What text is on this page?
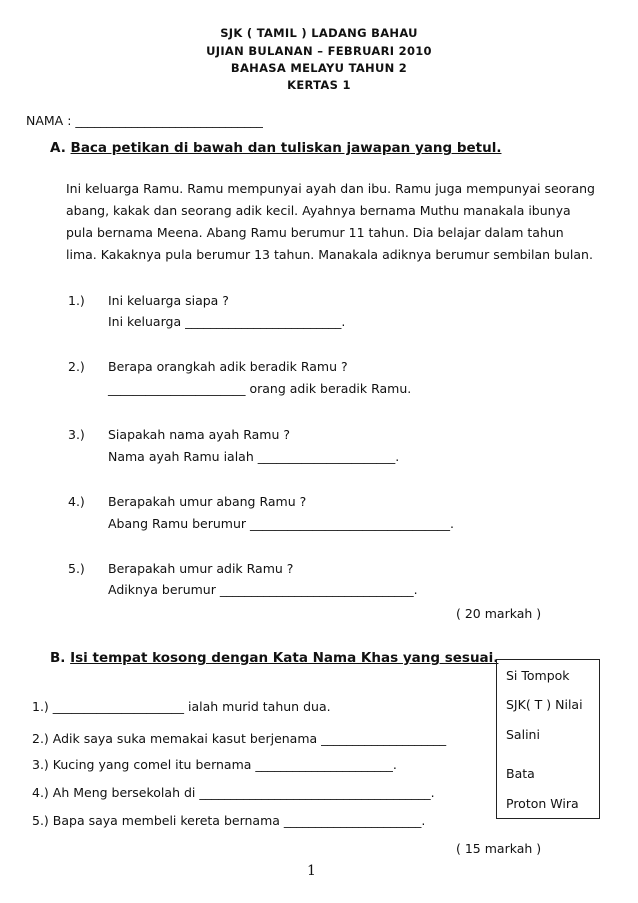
SJK ( TAMIL ) LADANG BAHAU
UJIAN BULANAN – FEBRUARI 2010
BAHASA MELAYU TAHUN 2
KERTAS 1
NAMA : ______________________________
A. Baca petikan di bawah dan tuliskan jawapan yang betul.
Ini keluarga Ramu. Ramu mempunyai ayah dan ibu. Ramu juga mempunyai seorang
abang, kakak dan seorang adik kecil. Ayahnya bernama Muthu manakala ibunya
pula bernama Meena. Abang Ramu berumur 11 tahun. Dia belajar dalam tahun
lima. Kakaknya pula berumur 13 tahun. Manakala adiknya berumur sembilan bulan.
1.) Ini keluarga siapa ?
Ini keluarga _________________________.
2.) Berapa orangkah adik beradik Ramu ?
______________________ orang adik beradik Ramu.
3.) Siapakah nama ayah Ramu ?
Nama ayah Ramu ialah ______________________.
4.) Berapakah umur abang Ramu ?
Abang Ramu berumur ________________________________.
5.) Berapakah umur adik Ramu ?
Adiknya berumur _______________________________.
( 20 markah )
B. Isi tempat kosong dengan Kata Nama Khas yang sesuai.
1.) _____________________ ialah murid tahun dua.
2.) Adik saya suka memakai kasut berjenama ____________________
3.) Kucing yang comel itu bernama ______________________.
4.) Ah Meng bersekolah di _____________________________________.
5.) Bapa saya membeli kereta bernama ______________________.
Si Tompok
SJK( T ) Nilai
Salini
Bata
Proton Wira
( 15 markah )
1
